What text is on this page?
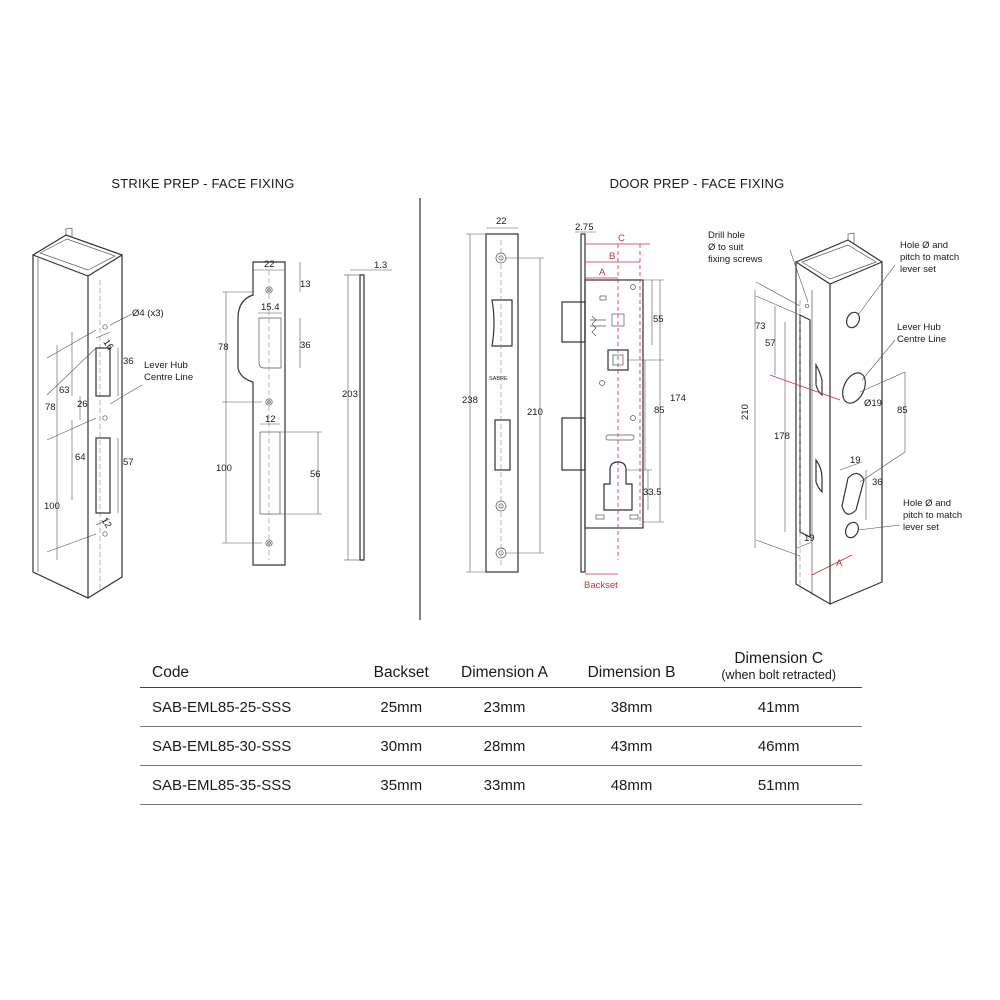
STRIKE PREP - FACE FIXING	DOOR PREP - FACE FIXING
Ø4 (x3)
16
36
63
78 26
64	57
100
12
Lever Hub
Centre Line
22
13
15.4
36
78
12
56
100
1.3
203
SABRE
22
238
210
2.75
C
B
A
55
85
174
33.5
Backset
73
57
210
178
Ø19
85
19
36
19
A
Drill hole
Ø to suit
fixing screws
Hole Ø and
pitch to match
lever set
Lever Hub
Centre Line
Hole Ø and
pitch to match
lever set
Code	Backset	Dimension A	Dimension B	Dimension C
(when bolt retracted)

SAB-EML85-25-SSS	25mm	23mm	38mm	41mm
SAB-EML85-30-SSS	30mm	28mm	43mm	46mm
SAB-EML85-35-SSS	35mm	33mm	48mm	51mm
